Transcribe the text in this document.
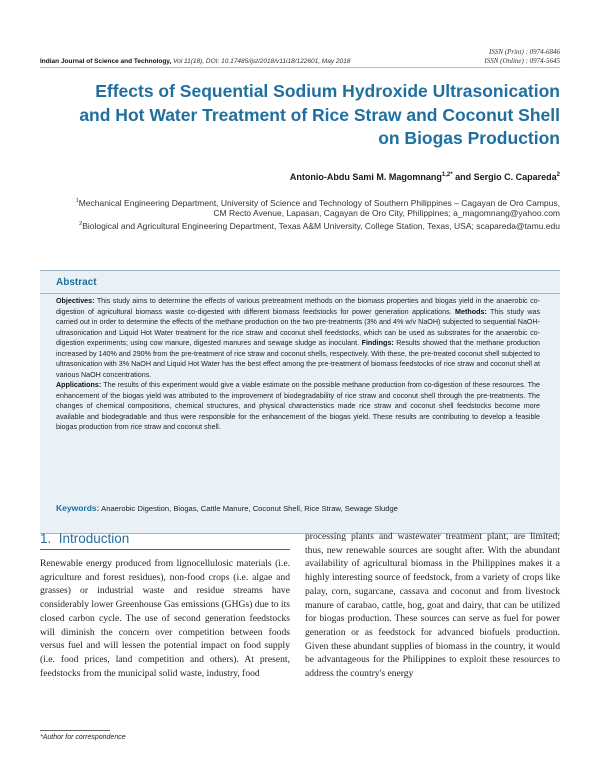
ISSN (Print) : 0974-6846
ISSN (Online) : 0974-5645
Indian Journal of Science and Technology, Vol 11(18), DOI: 10.17485/ijst/2018/v11i18/122601, May 2018
Effects of Sequential Sodium Hydroxide Ultrasonication and Hot Water Treatment of Rice Straw and Coconut Shell on Biogas Production
Antonio-Abdu Sami M. Magomnang$^{1,2*}$ and Sergio C. Capareda$^2$

$^1$Mechanical Engineering Department, University of Science and Technology of Southern Philippines – Cagayan de Oro Campus, CM Recto Avenue, Lapasan, Cagayan de Oro City, Philippines; a_magomnang@yahoo.com

$^2$Biological and Agricultural Engineering Department, Texas A&M University, College Station, Texas, USA; scapareda@tamu.edu

Abstract

Objectives: This study aims to determine the effects of various pretreatment methods on the biomass properties and biogas yield in the anaerobic co-digestion of agricultural biomass waste co-digested with different biomass feedstocks for power generation applications. Methods: This study was carried out in order to determine the effects of the methane production on the two pre-treatments (3% and 4% w/v NaOH) subjected to sequential NaOH-ultrasonication and Liquid Hot Water treatment for the rice straw and coconut shell feedstocks, which can be used as substrates for the anaerobic co-digestion experiments; using cow manure, digested manures and sewage sludge as inoculant. Findings: Results showed that the methane production increased by 140% and 290% from the pre-treatment of rice straw and coconut shells, respectively. With these, the pre-treated coconut shell subjected to ultrasonication with 3% NaOH and Liquid Hot Water has the best effect among the pre-treatment of biomass feedstocks of rice straw and coconut shell at various NaOH concentrations.

Applications: The results of this experiment would give a viable estimate on the possible methane production from co-digestion of these resources. The enhancement of the biogas yield was attributed to the improvement of biodegradability of rice straw and coconut shell through the pre-treatments. The changes of chemical compositions, chemical structures, and physical characteristics made rice straw and coconut shell feedstocks become more available and biodegradable and thus were responsible for the enhancement of the biogas yield. These results are contributing to develop a feasible biogas production from rice straw and coconut shell.

Keywords: Anaerobic Digestion, Biogas, Cattle Manure, Coconut Shell, Rice Straw, Sewage Sludge
1.  Introduction

Renewable energy produced from lignocellulosic materials (i.e. agriculture and forest residues), non-food crops (i.e. algae and grasses) or industrial waste and residue streams have considerably lower Greenhouse Gas emissions (GHGs) due to its closed carbon cycle. The use of second generation feedstocks will diminish the concern over competition between foods versus fuel and will lessen the potential impact on food supply (i.e. food prices, land competition and others). At present, feedstocks from the municipal solid waste, industry, food

processing plants and wastewater treatment plant, are limited; thus, new renewable sources are sought after. With the abundant availability of agricultural biomass in the Philippines makes it a highly interesting source of feedstock, from a variety of crops like palay, corn, sugarcane, cassava and coconut and from livestock manure of carabao, cattle, hog, goat and dairy, that can be utilized for biogas production. These sources can serve as fuel for power generation or as feedstock for advanced biofuels production. Given these abundant supplies of biomass in the country, it would be advantageous for the Philippines to exploit these resources to address the country's energy

*Author for correspondence
